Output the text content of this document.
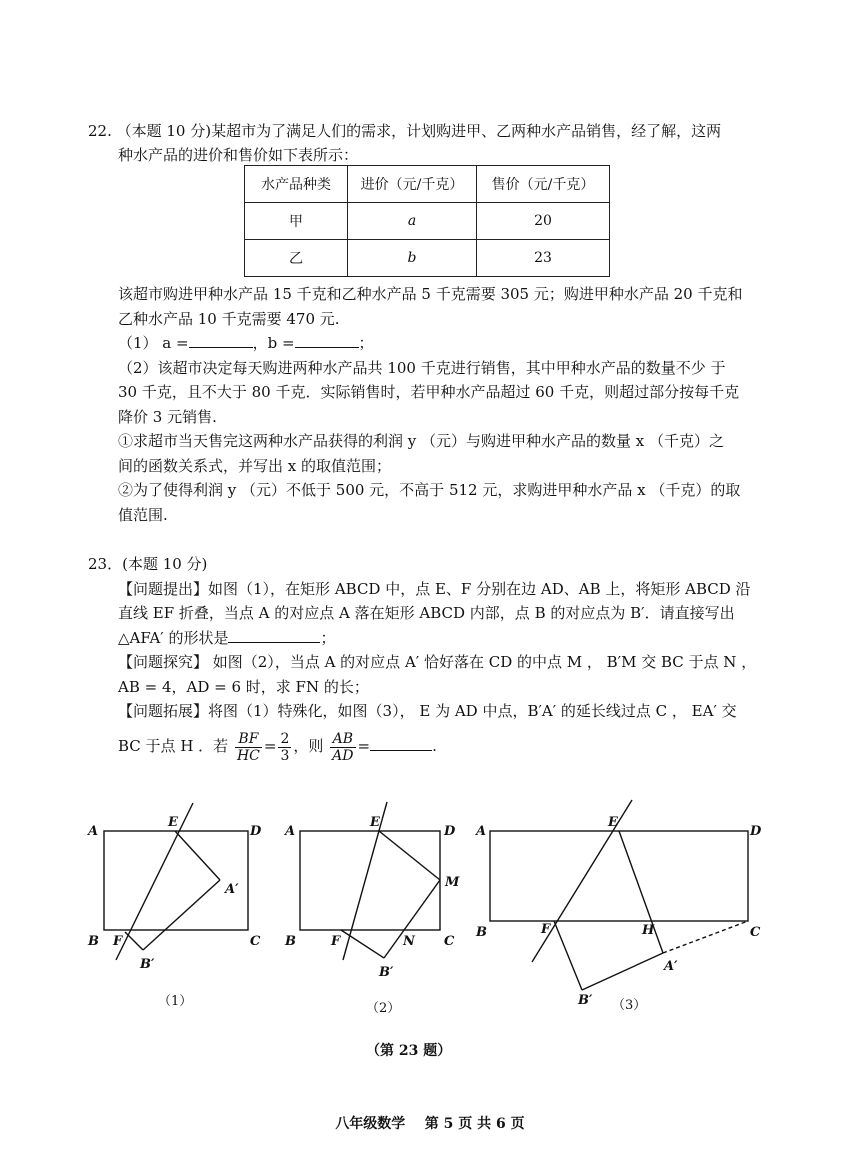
22. （本题 10 分)某超市为了满足人们的需求，计划购进甲、乙两种水产品销售，经了解，这两
种水产品的进价和售价如下表所示：
水产品种类	进价（元/千克）	售价（元/千克）
甲	a	20
乙	b	23
该超市购进甲种水产品 15 千克和乙种水产品 5 千克需要 305 元；购进甲种水产品 20 千克和
乙种水产品 10 千克需要 470 元.
（1） a =	，b =	；
（2）该超市决定每天购进两种水产品共 100 千克进行销售，其中甲种水产品的数量不少 于
30 千克，且不大于 80 千克．实际销售时，若甲种水产品超过 60 千克，则超过部分按每千克
降价 3 元销售.
①求超市当天售完这两种水产品获得的利润 y （元）与购进甲种水产品的数量 x （千克）之
间的函数关系式，并写出 x 的取值范围；
②为了使得利润 y （元）不低于 500 元，不高于 512 元，求购进甲种水产品 x （千克）的取
值范围.
23．(本题 10 分)
【问题提出】如图（1），在矩形 ABCD 中，点 E、F 分别在边 AD、AB 上，将矩形 ABCD 沿
直线 EF 折叠，当点 A 的对应点 A 落在矩形 ABCD 内部，点 B 的对应点为 B′．请直接写出
△AFA′ 的形状是	；
【问题探究】 如图（2），当点 A 的对应点 A′ 恰好落在 CD 的中点 M ， B′M 交 BC 于点 N ，
AB = 4，AD = 6 时，求 FN 的长；
【问题拓展】将图（1）特殊化，如图（3）， E 为 AD 中点，B′A′ 的延长线过点 C ， EA′ 交
BC 于点 H ．若 $\frac{BF}{HC} = \frac{2}{3}$ ，则 $\frac{AB}{AD}$ =	.
A
E
D
A′
B F	C
B′
（1）
A
E
D
M
B	F	N C
B′
（2）
A
E
D
B	F	H	C
A′
B′ （3）
（第 23 题）
八年级数学    第 5 页 共 6 页
